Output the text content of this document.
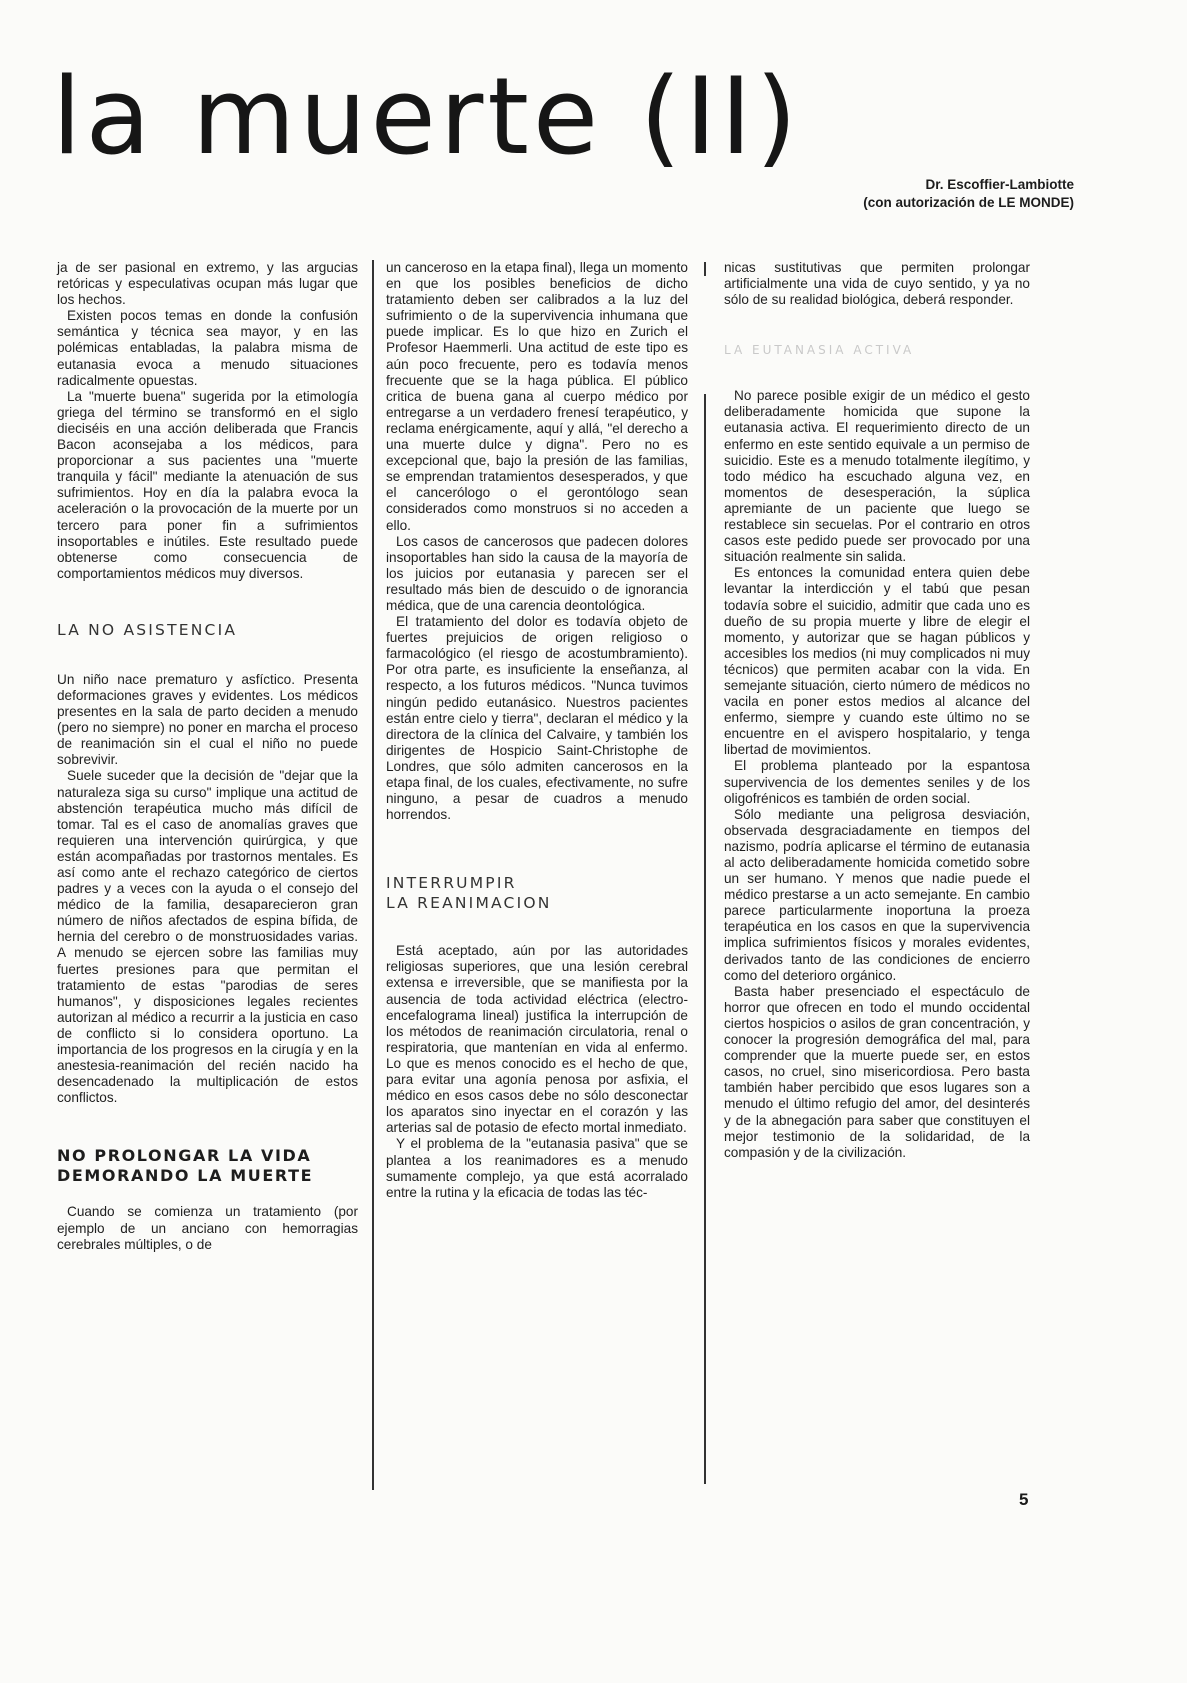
la muerte (II)
Dr. Escoffier-Lambiotte
(con autorización de LE MONDE)

ja de ser pasional en extremo, y las argucias retóricas y especulativas ocupan más lugar que los hechos.

Existen pocos temas en donde la confusión semántica y técnica sea mayor, y en las polémicas entabladas, la palabra misma de eutanasia evoca a menudo situaciones radicalmente opuestas.

La "muerte buena" sugerida por la etimología griega del término se transformó en el siglo dieciséis en una acción deliberada que Francis Bacon aconsejaba a los médicos, para proporcionar a sus pacientes una "muerte tranquila y fácil" mediante la atenuación de sus sufrimientos. Hoy en día la palabra evoca la aceleración o la provocación de la muerte por un tercero para poner fin a sufrimientos insoportables e inútiles. Este resultado puede obtenerse como consecuencia de comportamientos médicos muy diversos.

LA NO ASISTENCIA

Un niño nace prematuro y asfíctico. Presenta deformaciones graves y evidentes. Los médicos presentes en la sala de parto deciden a menudo (pero no siempre) no poner en marcha el proceso de reanimación sin el cual el niño no puede sobrevivir.

Suele suceder que la decisión de "dejar que la naturaleza siga su curso" implique una actitud de abstención terapéutica mucho más difícil de tomar. Tal es el caso de anomalías graves que requieren una intervención quirúrgica, y que están acompañadas por trastornos mentales. Es así como ante el rechazo categórico de ciertos padres y a veces con la ayuda o el consejo del médico de la familia, desaparecieron gran número de niños afectados de espina bífida, de hernia del cerebro o de monstruosidades varias. A menudo se ejercen sobre las familias muy fuertes presiones para que permitan el tratamiento de estas "parodias de seres humanos", y disposiciones legales recientes autorizan al médico a recurrir a la justicia en caso de conflicto si lo considera oportuno. La importancia de los progresos en la cirugía y en la anestesia-reanimación del recién nacido ha desencadenado la multiplicación de estos conflictos.

NO PROLONGAR LA VIDA
DEMORANDO LA MUERTE

Cuando se comienza un tratamiento (por ejemplo de un anciano con hemorragias cerebrales múltiples, o de

un canceroso en la etapa final), llega un momento en que los posibles beneficios de dicho tratamiento deben ser calibrados a la luz del sufrimiento o de la supervivencia inhumana que puede implicar. Es lo que hizo en Zurich el Profesor Haemmerli. Una actitud de este tipo es aún poco frecuente, pero es todavía menos frecuente que se la haga pública. El público critica de buena gana al cuerpo médico por entregarse a un verdadero frenesí terapéutico, y reclama enérgicamente, aquí y allá, "el derecho a una muerte dulce y digna". Pero no es excepcional que, bajo la presión de las familias, se emprendan tratamientos desesperados, y que el cancerólogo o el gerontólogo sean considerados como monstruos si no acceden a ello.

Los casos de cancerosos que padecen dolores insoportables han sido la causa de la mayoría de los juicios por eutanasia y parecen ser el resultado más bien de descuido o de ignorancia médica, que de una carencia deontológica.

El tratamiento del dolor es todavía objeto de fuertes prejuicios de origen religioso o farmacológico (el riesgo de acostumbramiento). Por otra parte, es insuficiente la enseñanza, al respecto, a los futuros médicos. "Nunca tuvimos ningún pedido eutanásico. Nuestros pacientes están entre cielo y tierra", declaran el médico y la directora de la clínica del Calvaire, y también los dirigentes de Hospicio Saint-Christophe de Londres, que sólo admiten cancerosos en la etapa final, de los cuales, efectivamente, no sufre ninguno, a pesar de cuadros a menudo horrendos.

INTERRUMPIR
LA REANIMACION

Está aceptado, aún por las autoridades religiosas superiores, que una lesión cerebral extensa e irreversible, que se manifiesta por la ausencia de toda actividad eléctrica (electro-encefalograma lineal) justifica la interrupción de los métodos de reanimación circulatoria, renal o respiratoria, que mantenían en vida al enfermo. Lo que es menos conocido es el hecho de que, para evitar una agonía penosa por asfixia, el médico en esos casos debe no sólo desconectar los aparatos sino inyectar en el corazón y las arterias sal de potasio de efecto mortal inmediato.

Y el problema de la "eutanasia pasiva" que se plantea a los reanimadores es a menudo sumamente complejo, ya que está acorralado entre la rutina y la eficacia de todas las téc-

nicas sustitutivas que permiten prolongar artificialmente una vida de cuyo sentido, y ya no sólo de su realidad biológica, deberá responder.

LA EUTANASIA ACTIVA

No parece posible exigir de un médico el gesto deliberadamente homicida que supone la eutanasia activa. El requerimiento directo de un enfermo en este sentido equivale a un permiso de suicidio. Este es a menudo totalmente ilegítimo, y todo médico ha escuchado alguna vez, en momentos de desesperación, la súplica apremiante de un paciente que luego se restablece sin secuelas. Por el contrario en otros casos este pedido puede ser provocado por una situación realmente sin salida.

Es entonces la comunidad entera quien debe levantar la interdicción y el tabú que pesan todavía sobre el suicidio, admitir que cada uno es dueño de su propia muerte y libre de elegir el momento, y autorizar que se hagan públicos y accesibles los medios (ni muy complicados ni muy técnicos) que permiten acabar con la vida. En semejante situación, cierto número de médicos no vacila en poner estos medios al alcance del enfermo, siempre y cuando este último no se encuentre en el avispero hospitalario, y tenga libertad de movimientos.

El problema planteado por la espantosa supervivencia de los dementes seniles y de los oligofrénicos es también de orden social.

Sólo mediante una peligrosa desviación, observada desgraciadamente en tiempos del nazismo, podría aplicarse el término de eutanasia al acto deliberadamente homicida cometido sobre un ser humano. Y menos que nadie puede el médico prestarse a un acto semejante. En cambio parece particularmente inoportuna la proeza terapéutica en los casos en que la supervivencia implica sufrimientos físicos y morales evidentes, derivados tanto de las condiciones de encierro como del deterioro orgánico.

Basta haber presenciado el espectáculo de horror que ofrecen en todo el mundo occidental ciertos hospicios o asilos de gran concentración, y conocer la progresión demográfica del mal, para comprender que la muerte puede ser, en estos casos, no cruel, sino misericordiosa. Pero basta también haber percibido que esos lugares son a menudo el último refugio del amor, del desinterés y de la abnegación para saber que constituyen el mejor testimonio de la solidaridad, de la compasión y de la civilización.

5
